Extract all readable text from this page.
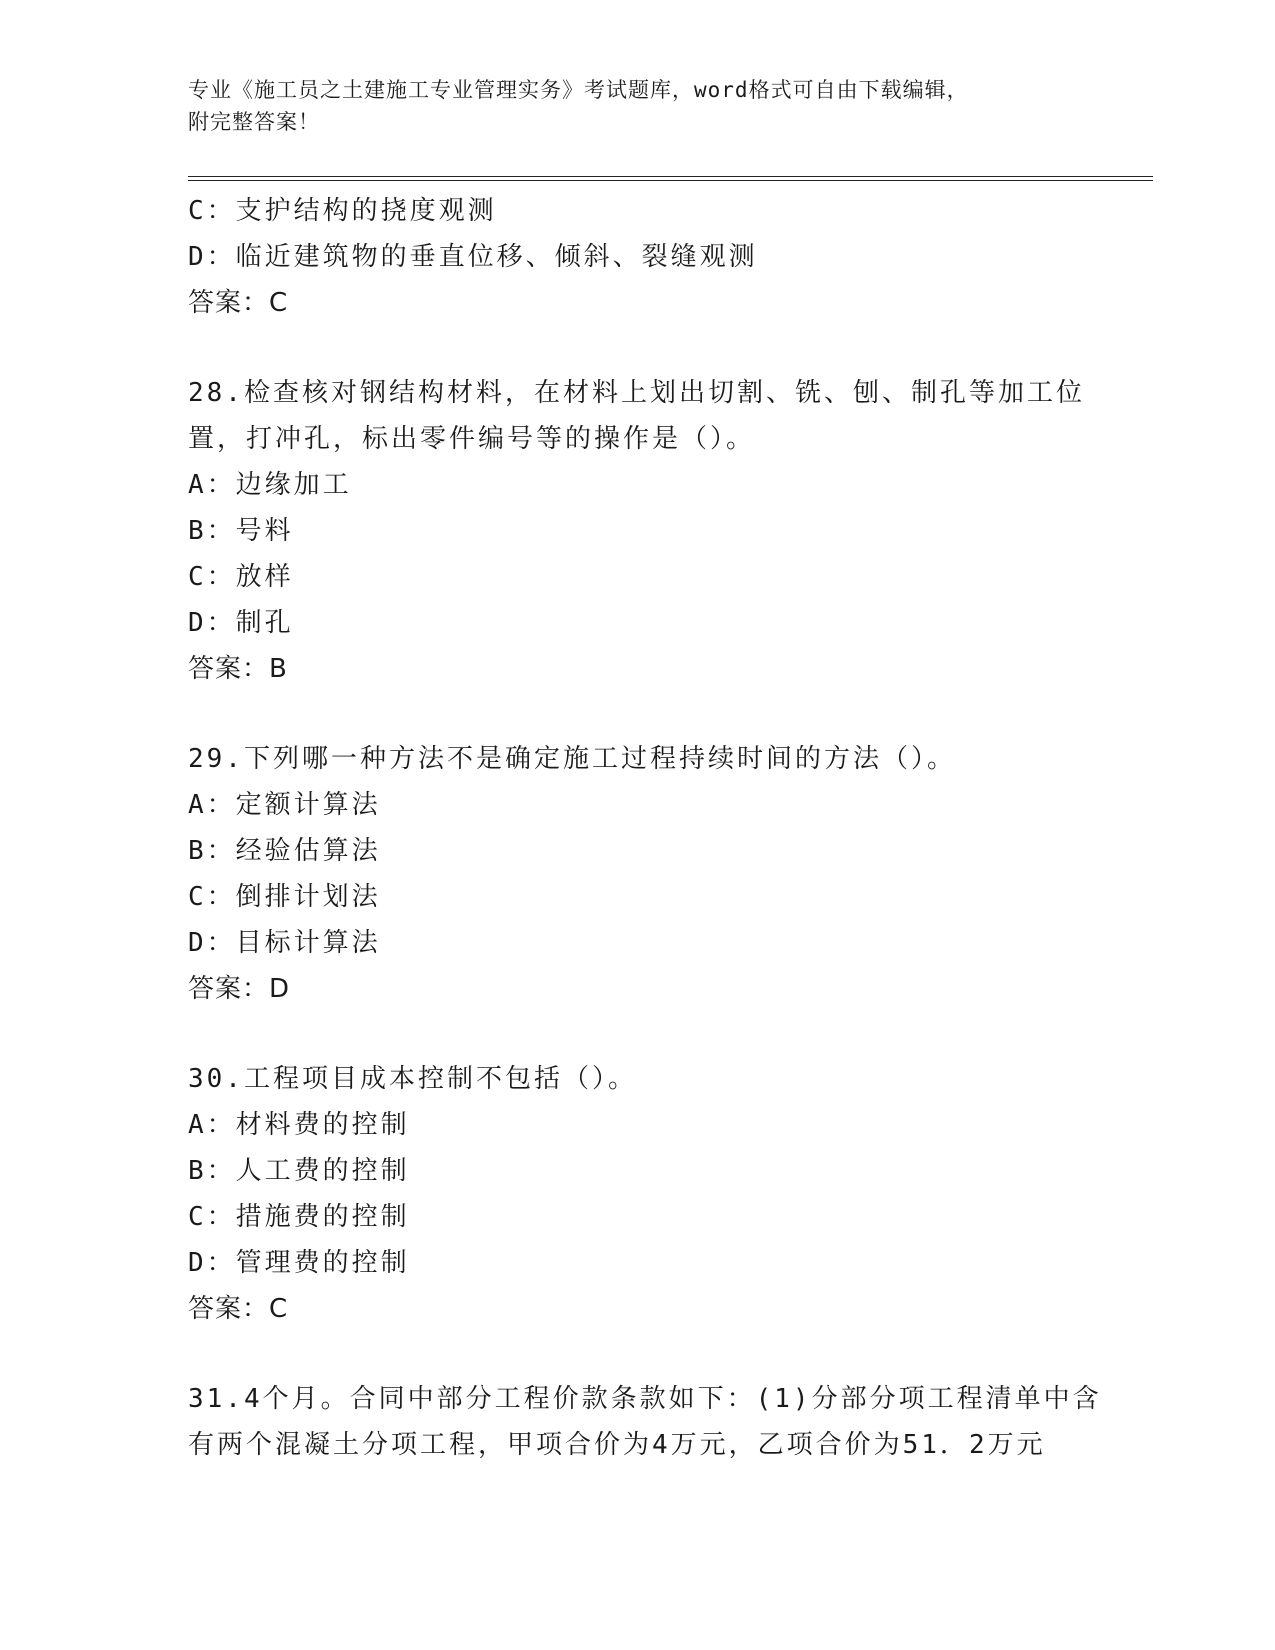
专业《施工员之土建施工专业管理实务》考试题库，word格式可自由下载编辑，
附完整答案！
C：支护结构的挠度观测
D：临近建筑物的垂直位移、倾斜、裂缝观测
答案：C
28.检查核对钢结构材料，在材料上划出切割、铣、刨、制孔等加工位
置，打冲孔，标出零件编号等的操作是（）。
A：边缘加工
B：号料
C：放样
D：制孔
答案：B
29.下列哪一种方法不是确定施工过程持续时间的方法（）。
A：定额计算法
B：经验估算法
C：倒排计划法
D：目标计算法
答案：D
30.工程项目成本控制不包括（）。
A：材料费的控制
B：人工费的控制
C：措施费的控制
D：管理费的控制
答案：C
31.4个月。合同中部分工程价款条款如下：(1)分部分项工程清单中含
有两个混凝土分项工程，甲项合价为4万元，乙项合价为51．2万元
